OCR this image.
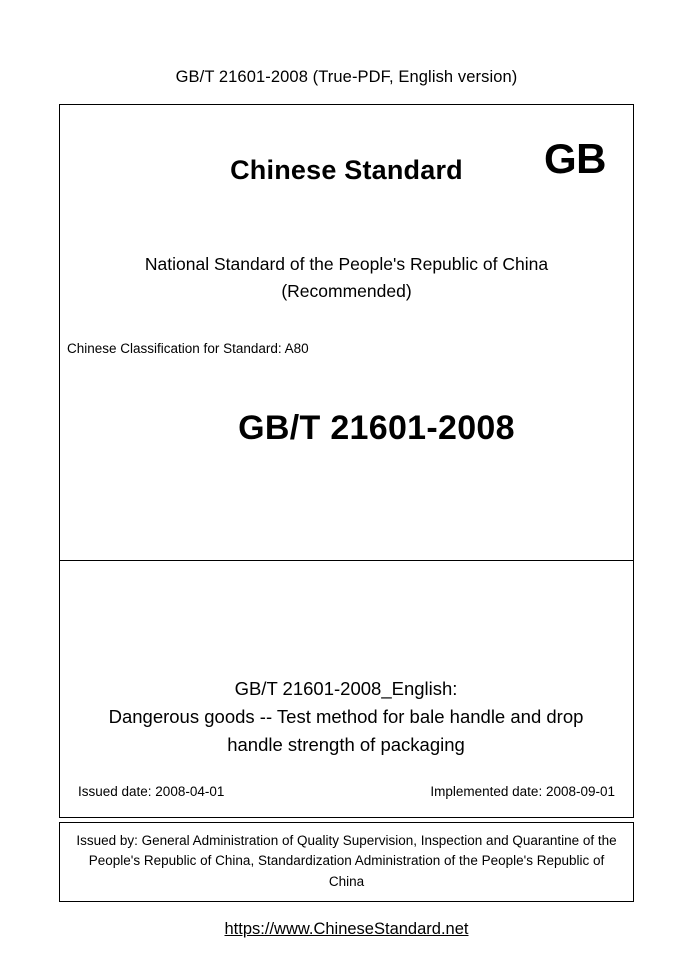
GB/T 21601-2008 (True-PDF, English version)
Chinese Standard	GB
National Standard of the People's Republic of China
(Recommended)
Chinese Classification for Standard: A80
GB/T 21601-2008
GB/T 21601-2008_English:
Dangerous goods -- Test method for bale handle and drop
handle strength of packaging
Issued date: 2008-04-01	Implemented date: 2008-09-01
Issued by: General Administration of Quality Supervision, Inspection and Quarantine of the People's Republic of China, Standardization Administration of the People's Republic of China
https://www.ChineseStandard.net
